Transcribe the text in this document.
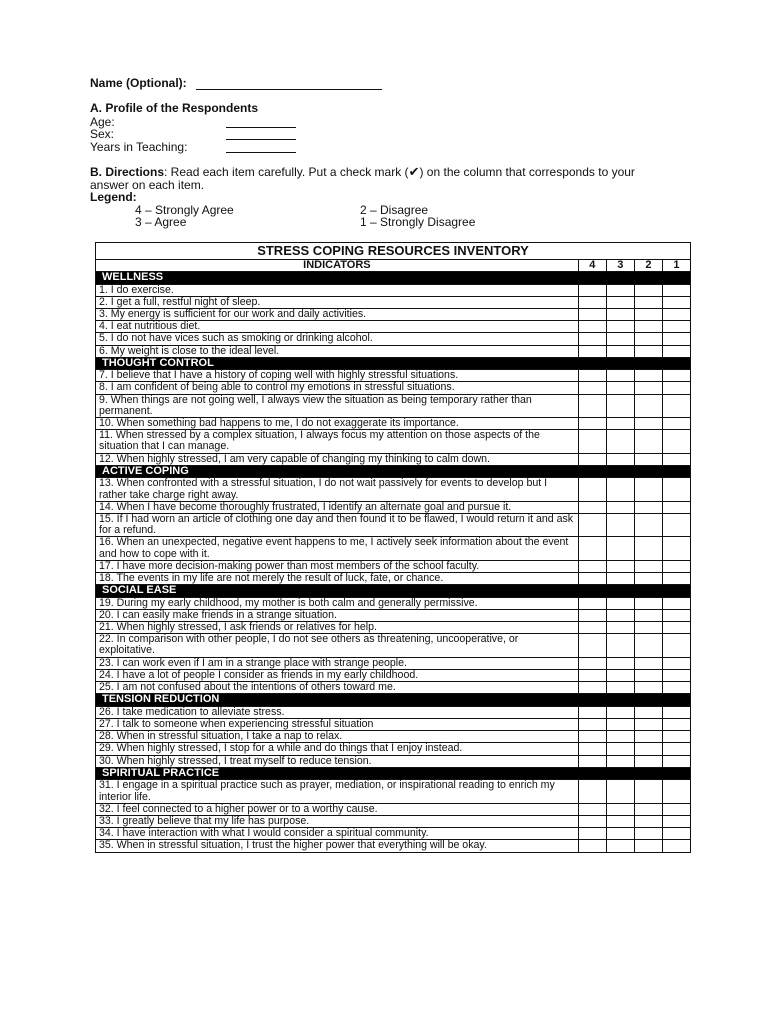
Name (Optional):
A. Profile of the Respondents
Age:
Sex:
Years in Teaching:
B. Directions: Read each item carefully. Put a check mark (✔) on the column that corresponds to your
answer on each item.
Legend:
4 – Strongly Agree	2 – Disagree
3 – Agree	1 – Strongly Disagree
STRESS COPING RESOURCES INVENTORY				
INDICATORS	4	3	2	1
WELLNESS				
1. I do exercise.				
2. I get a full, restful night of sleep.				
3. My energy is sufficient for our work and daily activities.				
4. I eat nutritious diet.				
5. I do not have vices such as smoking or drinking alcohol.				
6. My weight is close to the ideal level.				
THOUGHT CONTROL				
7. I believe that I have a history of coping well with highly stressful situations.				
8. I am confident of being able to control my emotions in stressful situations.				
9. When things are not going well, I always view the situation as being temporary rather than permanent.				
10. When something bad happens to me, I do not exaggerate its importance.				
11. When stressed by a complex situation, I always focus my attention on those aspects of the situation that I can manage.				
12. When highly stressed, I am very capable of changing my thinking to calm down.				
ACTIVE COPING				
13. When confronted with a stressful situation, I do not wait passively for events to develop but I rather take charge right away.				
14. When I have become thoroughly frustrated, I identify an alternate goal and pursue it.				
15. If I had worn an article of clothing one day and then found it to be flawed, I would return it and ask for a refund.				
16. When an unexpected, negative event happens to me, I actively seek information about the event and how to cope with it.				
17. I have more decision-making power than most members of the school faculty.				
18. The events in my life are not merely the result of luck, fate, or chance.				
SOCIAL EASE				
19. During my early childhood, my mother is both calm and generally permissive.				
20. I can easily make friends in a strange situation.				
21. When highly stressed, I ask friends or relatives for help.				
22. In comparison with other people, I do not see others as threatening, uncooperative, or exploitative.				
23. I can work even if I am in a strange place with strange people.				
24. I have a lot of people I consider as friends in my early childhood.				
25. I am not confused about the intentions of others toward me.				
TENSION REDUCTION				
26. I take medication to alleviate stress.				
27. I talk to someone when experiencing stressful situation				
28. When in stressful situation, I take a nap to relax.				
29. When highly stressed, I stop for a while and do things that I enjoy instead.				
30. When highly stressed, I treat myself to reduce tension.				
SPIRITUAL PRACTICE				
31. I engage in a spiritual practice such as prayer, mediation, or inspirational reading to enrich my interior life.				
32. I feel connected to a higher power or to a worthy cause.				
33. I greatly believe that my life has purpose.				
34. I have interaction with what I would consider a spiritual community.				
35. When in stressful situation, I trust the higher power that everything will be okay.				
